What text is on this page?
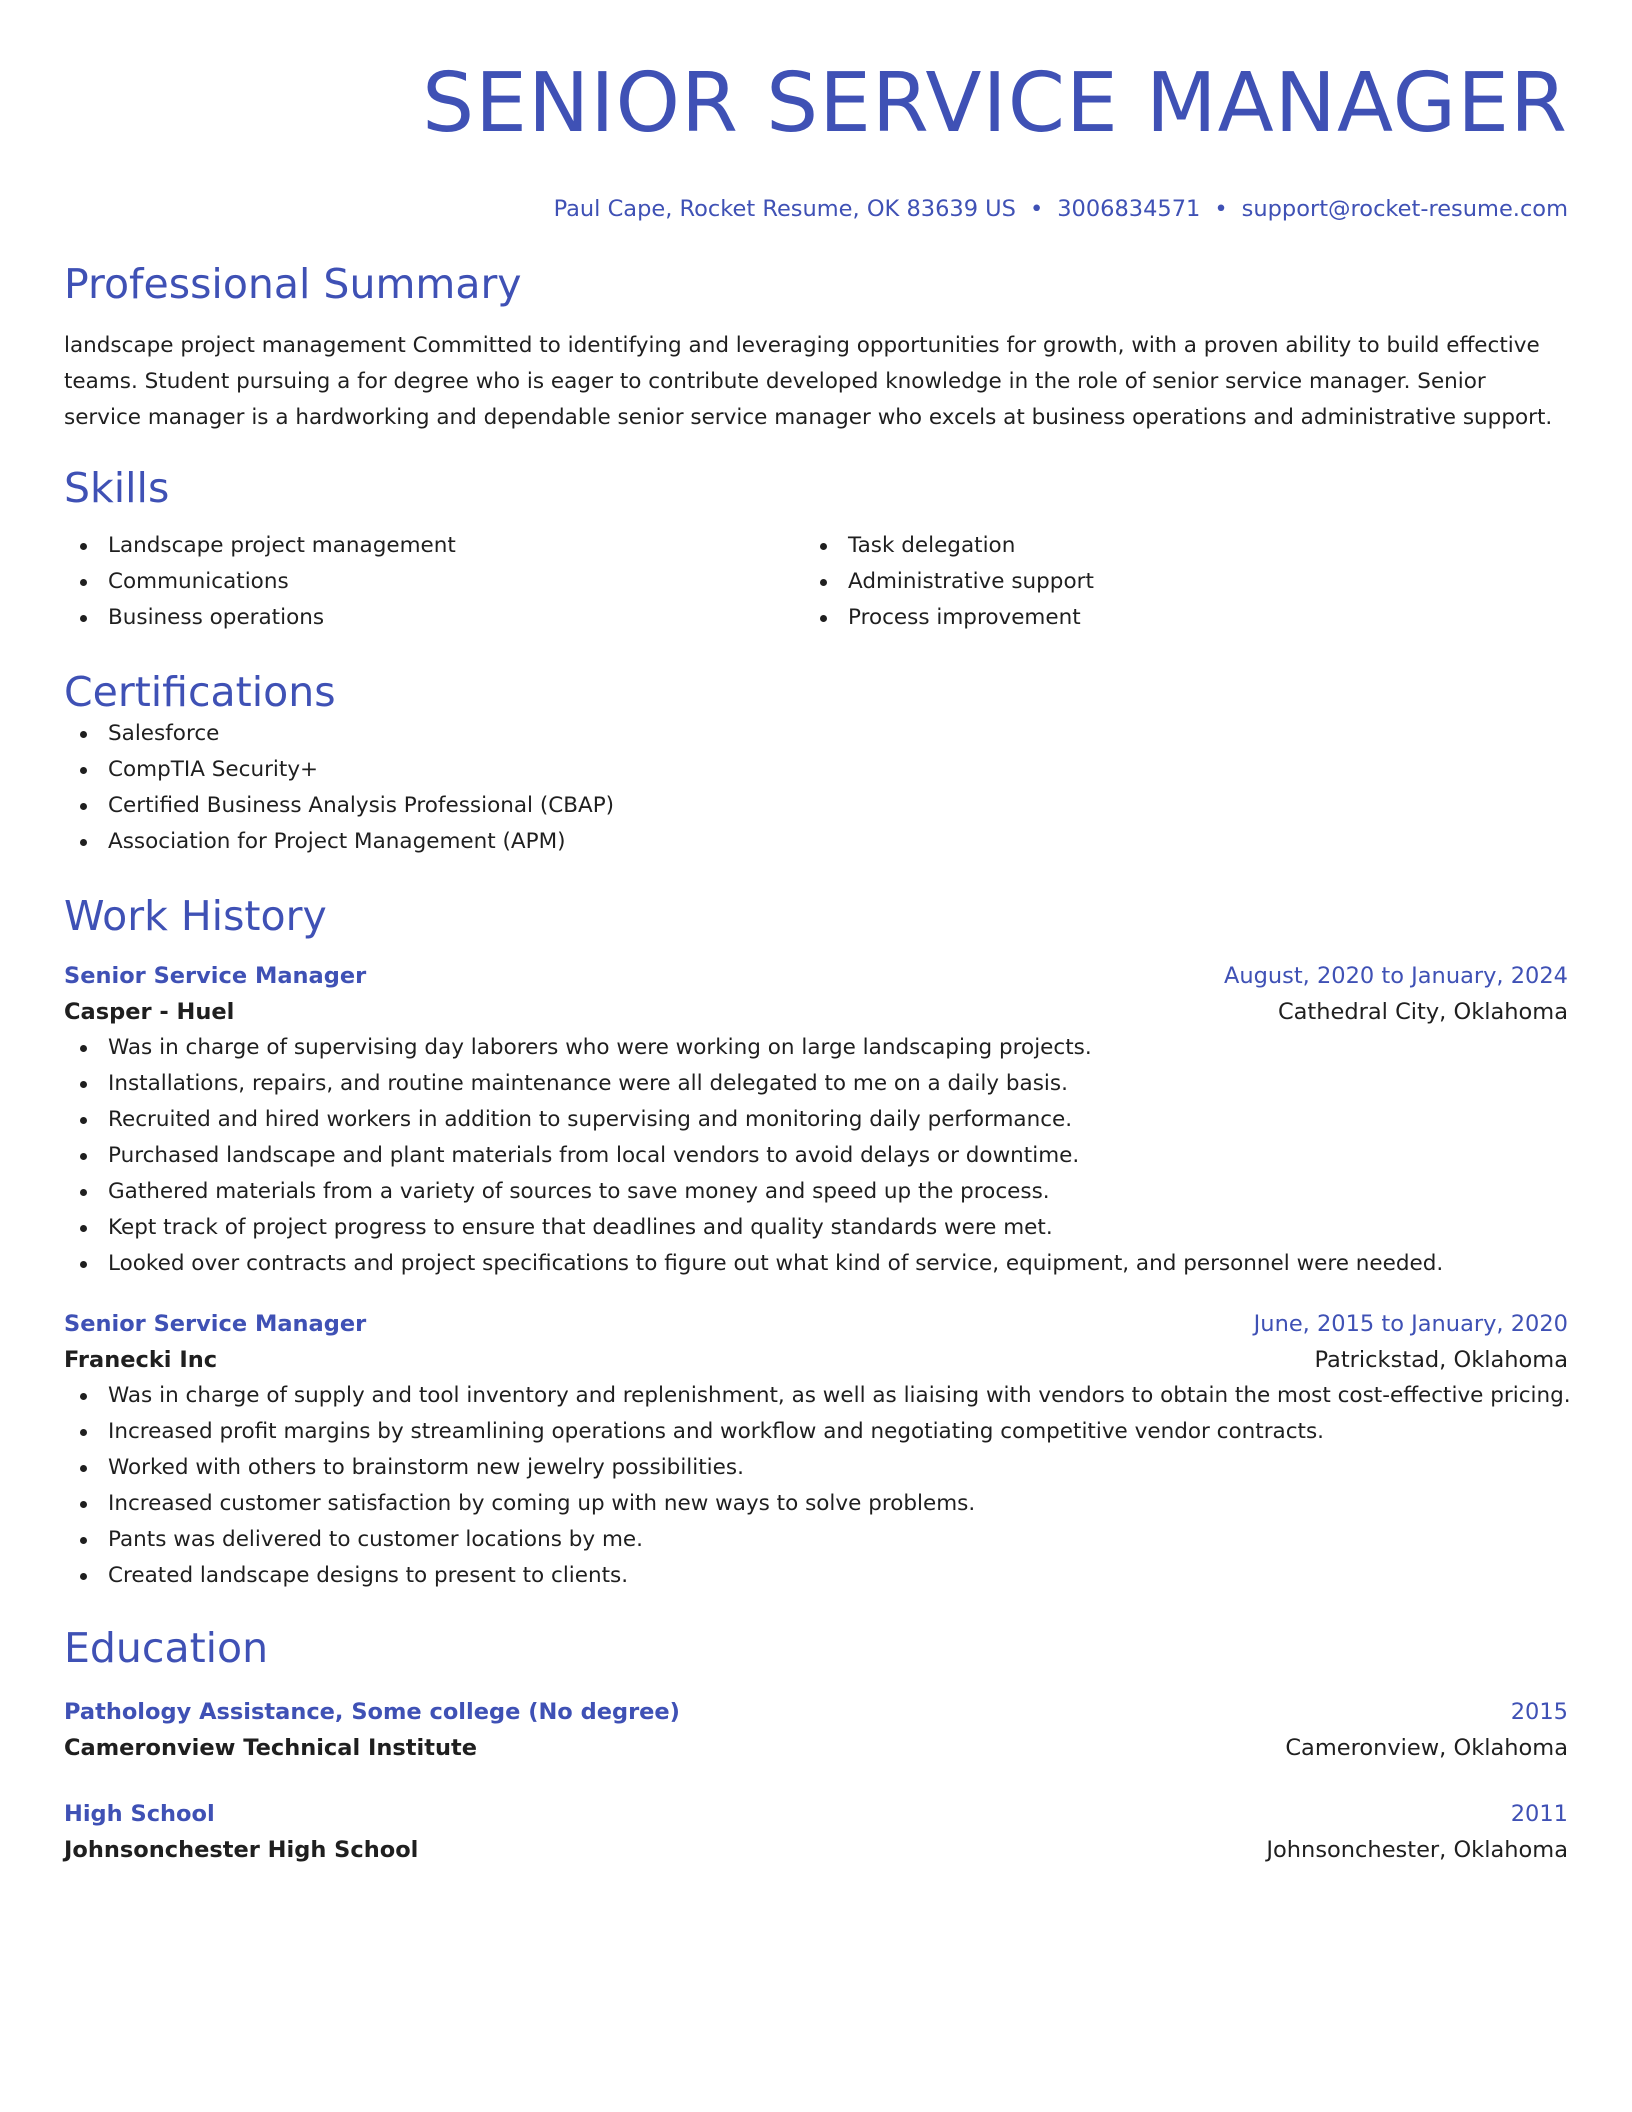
SENIOR SERVICE MANAGER
Paul Cape, Rocket Resume, OK 83639 US • 3006834571 • support@rocket-resume.com
Professional Summary
landscape project management Committed to identifying and leveraging opportunities for growth, with a proven ability to build effective teams. Student pursuing a for degree who is eager to contribute developed knowledge in the role of senior service manager. Senior service manager is a hardworking and dependable senior service manager who excels at business operations and administrative support.
Skills
Landscape project management
Communications
Business operations
Task delegation
Administrative support
Process improvement
Certifications
Salesforce
CompTIA Security+
Certified Business Analysis Professional (CBAP)
Association for Project Management (APM)
Work History
Senior Service Manager	August, 2020 to January, 2024
Casper - Huel	Cathedral City, Oklahoma
Was in charge of supervising day laborers who were working on large landscaping projects.
Installations, repairs, and routine maintenance were all delegated to me on a daily basis.
Recruited and hired workers in addition to supervising and monitoring daily performance.
Purchased landscape and plant materials from local vendors to avoid delays or downtime.
Gathered materials from a variety of sources to save money and speed up the process.
Kept track of project progress to ensure that deadlines and quality standards were met.
Looked over contracts and project specifications to figure out what kind of service, equipment, and personnel were needed.
Senior Service Manager	June, 2015 to January, 2020
Franecki Inc	Patrickstad, Oklahoma
Was in charge of supply and tool inventory and replenishment, as well as liaising with vendors to obtain the most cost-effective pricing.
Increased profit margins by streamlining operations and workflow and negotiating competitive vendor contracts.
Worked with others to brainstorm new jewelry possibilities.
Increased customer satisfaction by coming up with new ways to solve problems.
Pants was delivered to customer locations by me.
Created landscape designs to present to clients.
Education
Pathology Assistance, Some college (No degree)	2015
Cameronview Technical Institute	Cameronview, Oklahoma
High School	2011
Johnsonchester High School	Johnsonchester, Oklahoma
